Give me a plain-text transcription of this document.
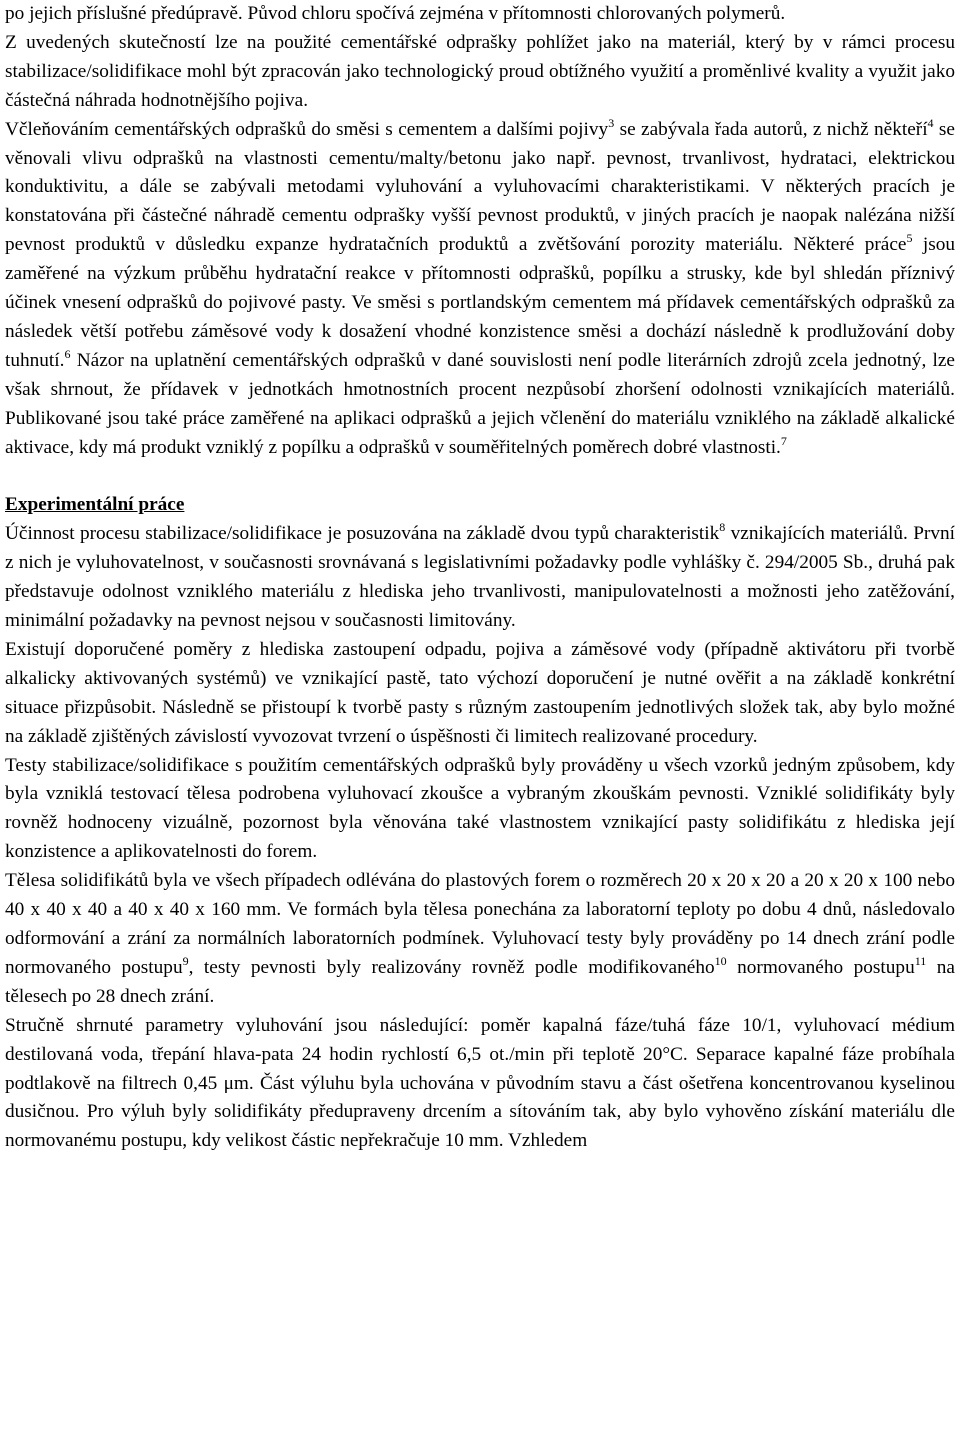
po jejich příslušné předúpravě. Původ chloru spočívá zejména v přítomnosti chlorovaných polymerů.

Z uvedených skutečností lze na použité cementářské odprašky pohlížet jako na materiál, který by v rámci procesu stabilizace/solidifikace mohl být zpracován jako technologický proud obtížného využití a proměnlivé kvality a využit jako částečná náhrada hodnotnějšího pojiva.

Včleňováním cementářských odprašků do směsi s cementem a dalšími pojivy$^3$ se zabývala řada autorů, z nichž někteří$^4$ se věnovali vlivu odprašků na vlastnosti cementu/malty/betonu jako např. pevnost, trvanlivost, hydrataci, elektrickou konduktivitu, a dále se zabývali metodami vyluhování a vyluhovacími charakteristikami. V některých pracích je konstatována při částečné náhradě cementu odprašky vyšší pevnost produktů, v jiných pracích je naopak nalézána nižší pevnost produktů v důsledku expanze hydratačních produktů a zvětšování porozity materiálu. Některé práce$^5$ jsou zaměřené na výzkum průběhu hydratační reakce v přítomnosti odprašků, popílku a strusky, kde byl shledán příznivý účinek vnesení odprašků do pojivové pasty. Ve směsi s portlandským cementem má přídavek cementářských odprašků za následek větší potřebu záměsové vody k dosažení vhodné konzistence směsi a dochází následně k prodlužování doby tuhnutí.$^6$ Názor na uplatnění cementářských odprašků v dané souvislosti není podle literárních zdrojů zcela jednotný, lze však shrnout, že přídavek v jednotkách hmotnostních procent nezpůsobí zhoršení odolnosti vznikajících materiálů. Publikované jsou také práce zaměřené na aplikaci odprašků a jejich včlenění do materiálu vzniklého na základě alkalické aktivace, kdy má produkt vzniklý z popílku a odprašků v souměřitelných poměrech dobré vlastnosti.$^7$

Experimentální práce

Účinnost procesu stabilizace/solidifikace je posuzována na základě dvou typů charakteristik$^8$ vznikajících materiálů. První z nich je vyluhovatelnost, v současnosti srovnávaná s legislativními požadavky podle vyhlášky č. 294/2005 Sb., druhá pak představuje odolnost vzniklého materiálu z hlediska jeho trvanlivosti, manipulovatelnosti a možnosti jeho zatěžování, minimální požadavky na pevnost nejsou v současnosti limitovány.

Existují doporučené poměry z hlediska zastoupení odpadu, pojiva a záměsové vody (případně aktivátoru při tvorbě alkalicky aktivovaných systémů) ve vznikající pastě, tato výchozí doporučení je nutné ověřit a na základě konkrétní situace přizpůsobit. Následně se přistoupí k tvorbě pasty s různým zastoupením jednotlivých složek tak, aby bylo možné na základě zjištěných závislostí vyvozovat tvrzení o úspěšnosti či limitech realizované procedury.

Testy stabilizace/solidifikace s použitím cementářských odprašků byly prováděny u všech vzorků jedným způsobem, kdy byla vzniklá testovací tělesa podrobena vyluhovací zkoušce a vybraným zkouškám pevnosti. Vzniklé solidifikáty byly rovněž hodnoceny vizuálně, pozornost byla věnována také vlastnostem vznikající pasty solidifikátu z hlediska její konzistence a aplikovatelnosti do forem.

Tělesa solidifikátů byla ve všech případech odlévána do plastových forem o rozměrech 20 x 20 x 20 a 20 x 20 x 100 nebo 40 x 40 x 40 a 40 x 40 x 160 mm. Ve formách byla tělesa ponechána za laboratorní teploty po dobu 4 dnů, následovalo odformování a zrání za normálních laboratorních podmínek. Vyluhovací testy byly prováděny po 14 dnech zrání podle normovaného postupu$^9$, testy pevnosti byly realizovány rovněž podle modifikovaného$^{10}$ normovaného postupu$^{11}$ na tělesech po 28 dnech zrání.

Stručně shrnuté parametry vyluhování jsou následující: poměr kapalná fáze/tuhá fáze 10/1, vyluhovací médium destilovaná voda, třepání hlava-pata 24 hodin rychlostí 6,5 ot./min při teplotě 20°C. Separace kapalné fáze probíhala podtlakově na filtrech 0,45 μm. Část výluhu byla uchována v původním stavu a část ošetřena koncentrovanou kyselinou dusičnou. Pro výluh byly solidifikáty předupraveny drcením a sítováním tak, aby bylo vyhověno získání materiálu dle normovanému postupu, kdy velikost částic nepřekračuje 10 mm. Vzhledem
